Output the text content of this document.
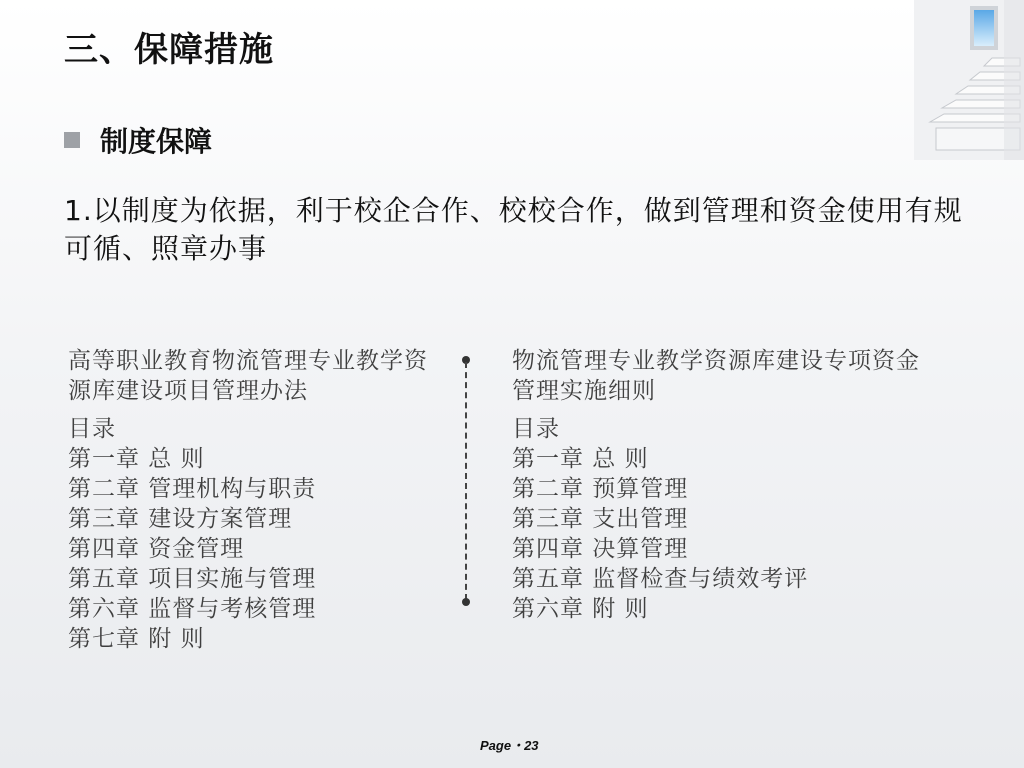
三、保障措施
制度保障
1.以制度为依据，利于校企合作、校校合作，做到管理和资金使用有规可循、照章办事
高等职业教育物流管理专业教学资源库建设项目管理办法
目录
第一章 总 则
第二章 管理机构与职责
第三章 建设方案管理
第四章 资金管理
第五章 项目实施与管理
第六章 监督与考核管理
第七章 附 则
物流管理专业教学资源库建设专项资金管理实施细则
目录
第一章 总 则
第二章 预算管理
第三章 支出管理
第四章 决算管理
第五章 监督检查与绩效考评
第六章 附 则
Page・23
